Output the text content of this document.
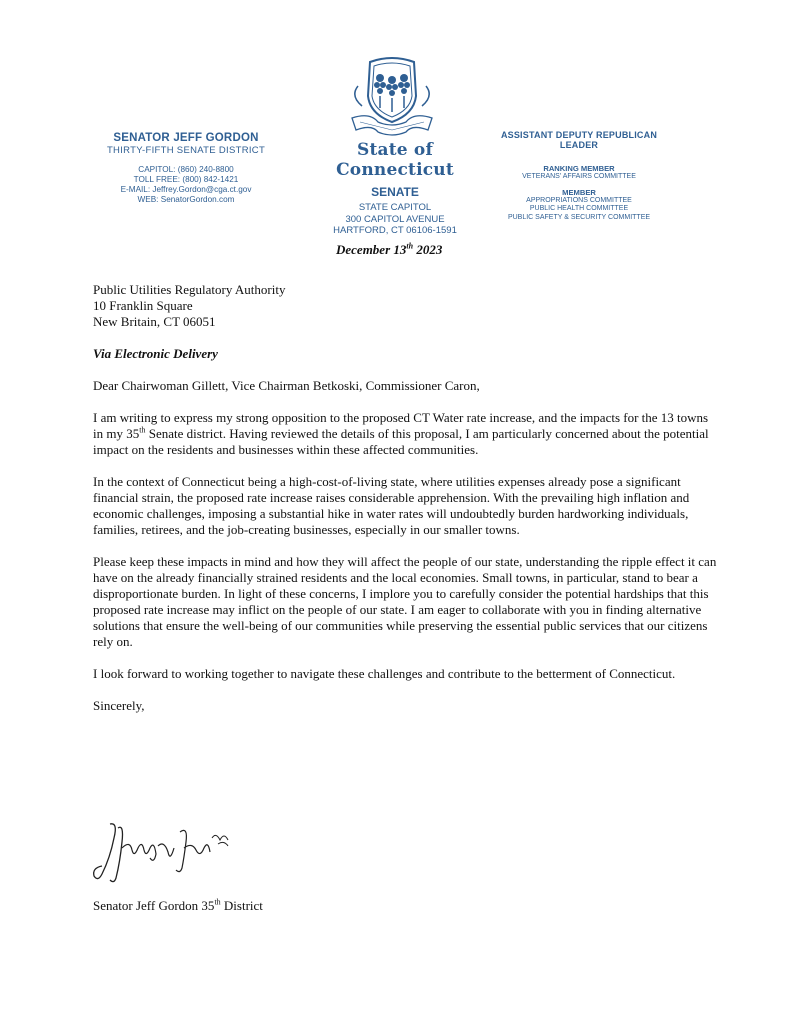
SENATOR JEFF GORDON
THIRTY-FIFTH SENATE DISTRICT
CAPITOL: (860) 240-8800
TOLL FREE: (800) 842-1421
E-MAIL: Jeffrey.Gordon@cga.ct.gov
WEB: SenatorGordon.com
State of Connecticut
SENATE
STATE CAPITOL
300 CAPITOL AVENUE
HARTFORD, CT 06106-1591
ASSISTANT DEPUTY REPUBLICAN LEADER
RANKING MEMBER
VETERANS' AFFAIRS COMMITTEE
MEMBER
APPROPRIATIONS COMMITTEE
PUBLIC HEALTH COMMITTEE
PUBLIC SAFETY & SECURITY COMMITTEE
December 13th 2023

Public Utilities Regulatory Authority
10 Franklin Square
New Britain, CT 06051

Via Electronic Delivery

Dear Chairwoman Gillett, Vice Chairman Betkoski, Commissioner Caron,

I am writing to express my strong opposition to the proposed CT Water rate increase, and the impacts for the 13 towns in my 35th Senate district. Having reviewed the details of this proposal, I am particularly concerned about the potential impact on the residents and businesses within these affected communities.

In the context of Connecticut being a high-cost-of-living state, where utilities expenses already pose a significant financial strain, the proposed rate increase raises considerable apprehension. With the prevailing high inflation and economic challenges, imposing a substantial hike in water rates will undoubtedly burden hardworking individuals, families, retirees, and the job-creating businesses, especially in our smaller towns.

Please keep these impacts in mind and how they will affect the people of our state, understanding the ripple effect it can have on the already financially strained residents and the local economies. Small towns, in particular, stand to bear a disproportionate burden. In light of these concerns, I implore you to carefully consider the potential hardships that this proposed rate increase may inflict on the people of our state. I am eager to collaborate with you in finding alternative solutions that ensure the well-being of our communities while preserving the essential public services that our citizens rely on.

I look forward to working together to navigate these challenges and contribute to the betterment of Connecticut.

Sincerely,

Senator Jeff Gordon 35th District
